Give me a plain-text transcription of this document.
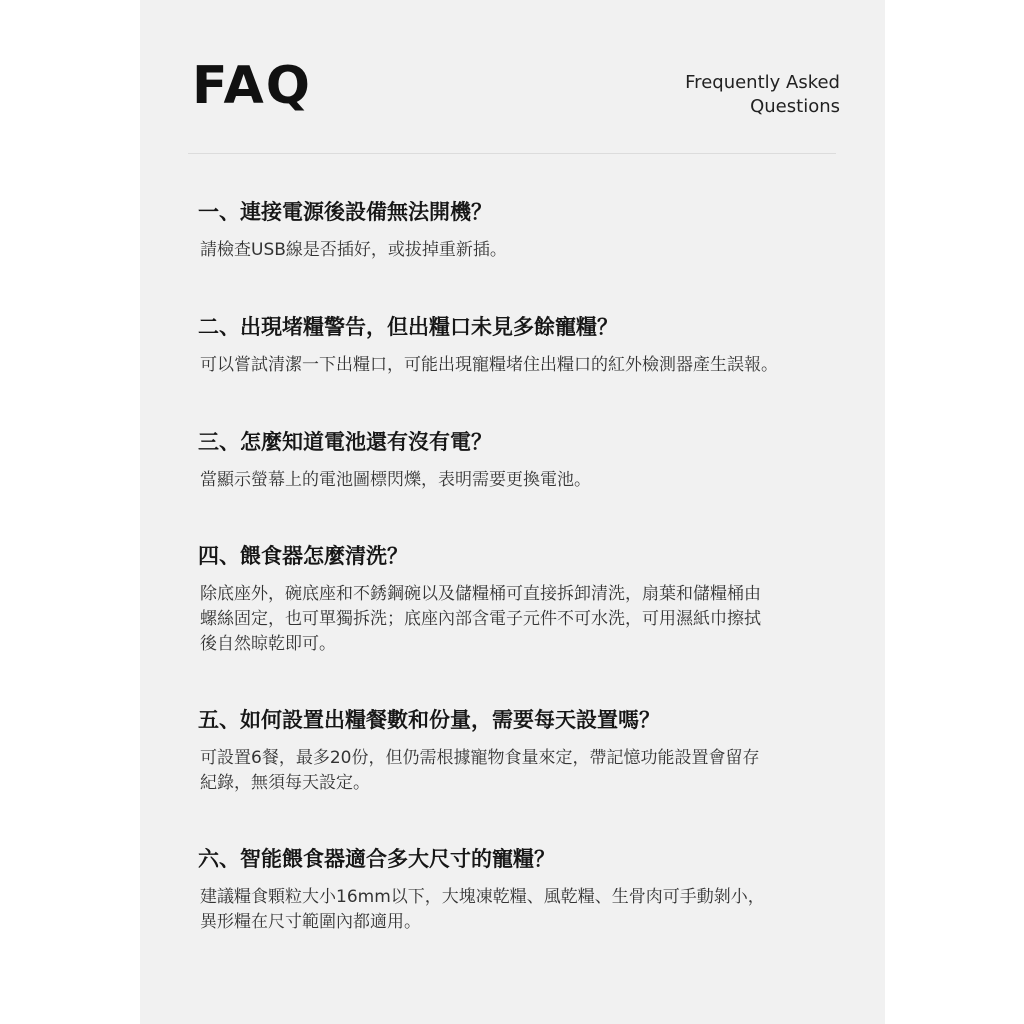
FAQ	Frequently Asked
Questions
一、連接電源後設備無法開機？
請檢查USB線是否插好，或拔掉重新插。
二、出現堵糧警告，但出糧口未見多餘寵糧？
可以嘗試清潔一下出糧口，可能出現寵糧堵住出糧口的紅外檢測器產生誤報。
三、怎麼知道電池還有沒有電？
當顯示螢幕上的電池圖標閃爍，表明需要更換電池。
四、餵食器怎麼清洗？
除底座外，碗底座和不銹鋼碗以及儲糧桶可直接拆卸清洗，扇葉和儲糧桶由
螺絲固定，也可單獨拆洗；底座內部含電子元件不可水洗，可用濕紙巾擦拭
後自然晾乾即可。
五、如何設置出糧餐數和份量，需要每天設置嗎？
可設置6餐，最多20份，但仍需根據寵物食量來定，帶記憶功能設置會留存
紀錄，無須每天設定。
六、智能餵食器適合多大尺寸的寵糧？
建議糧食顆粒大小16mm以下，大塊凍乾糧、風乾糧、生骨肉可手動剝小，
異形糧在尺寸範圍內都適用。
